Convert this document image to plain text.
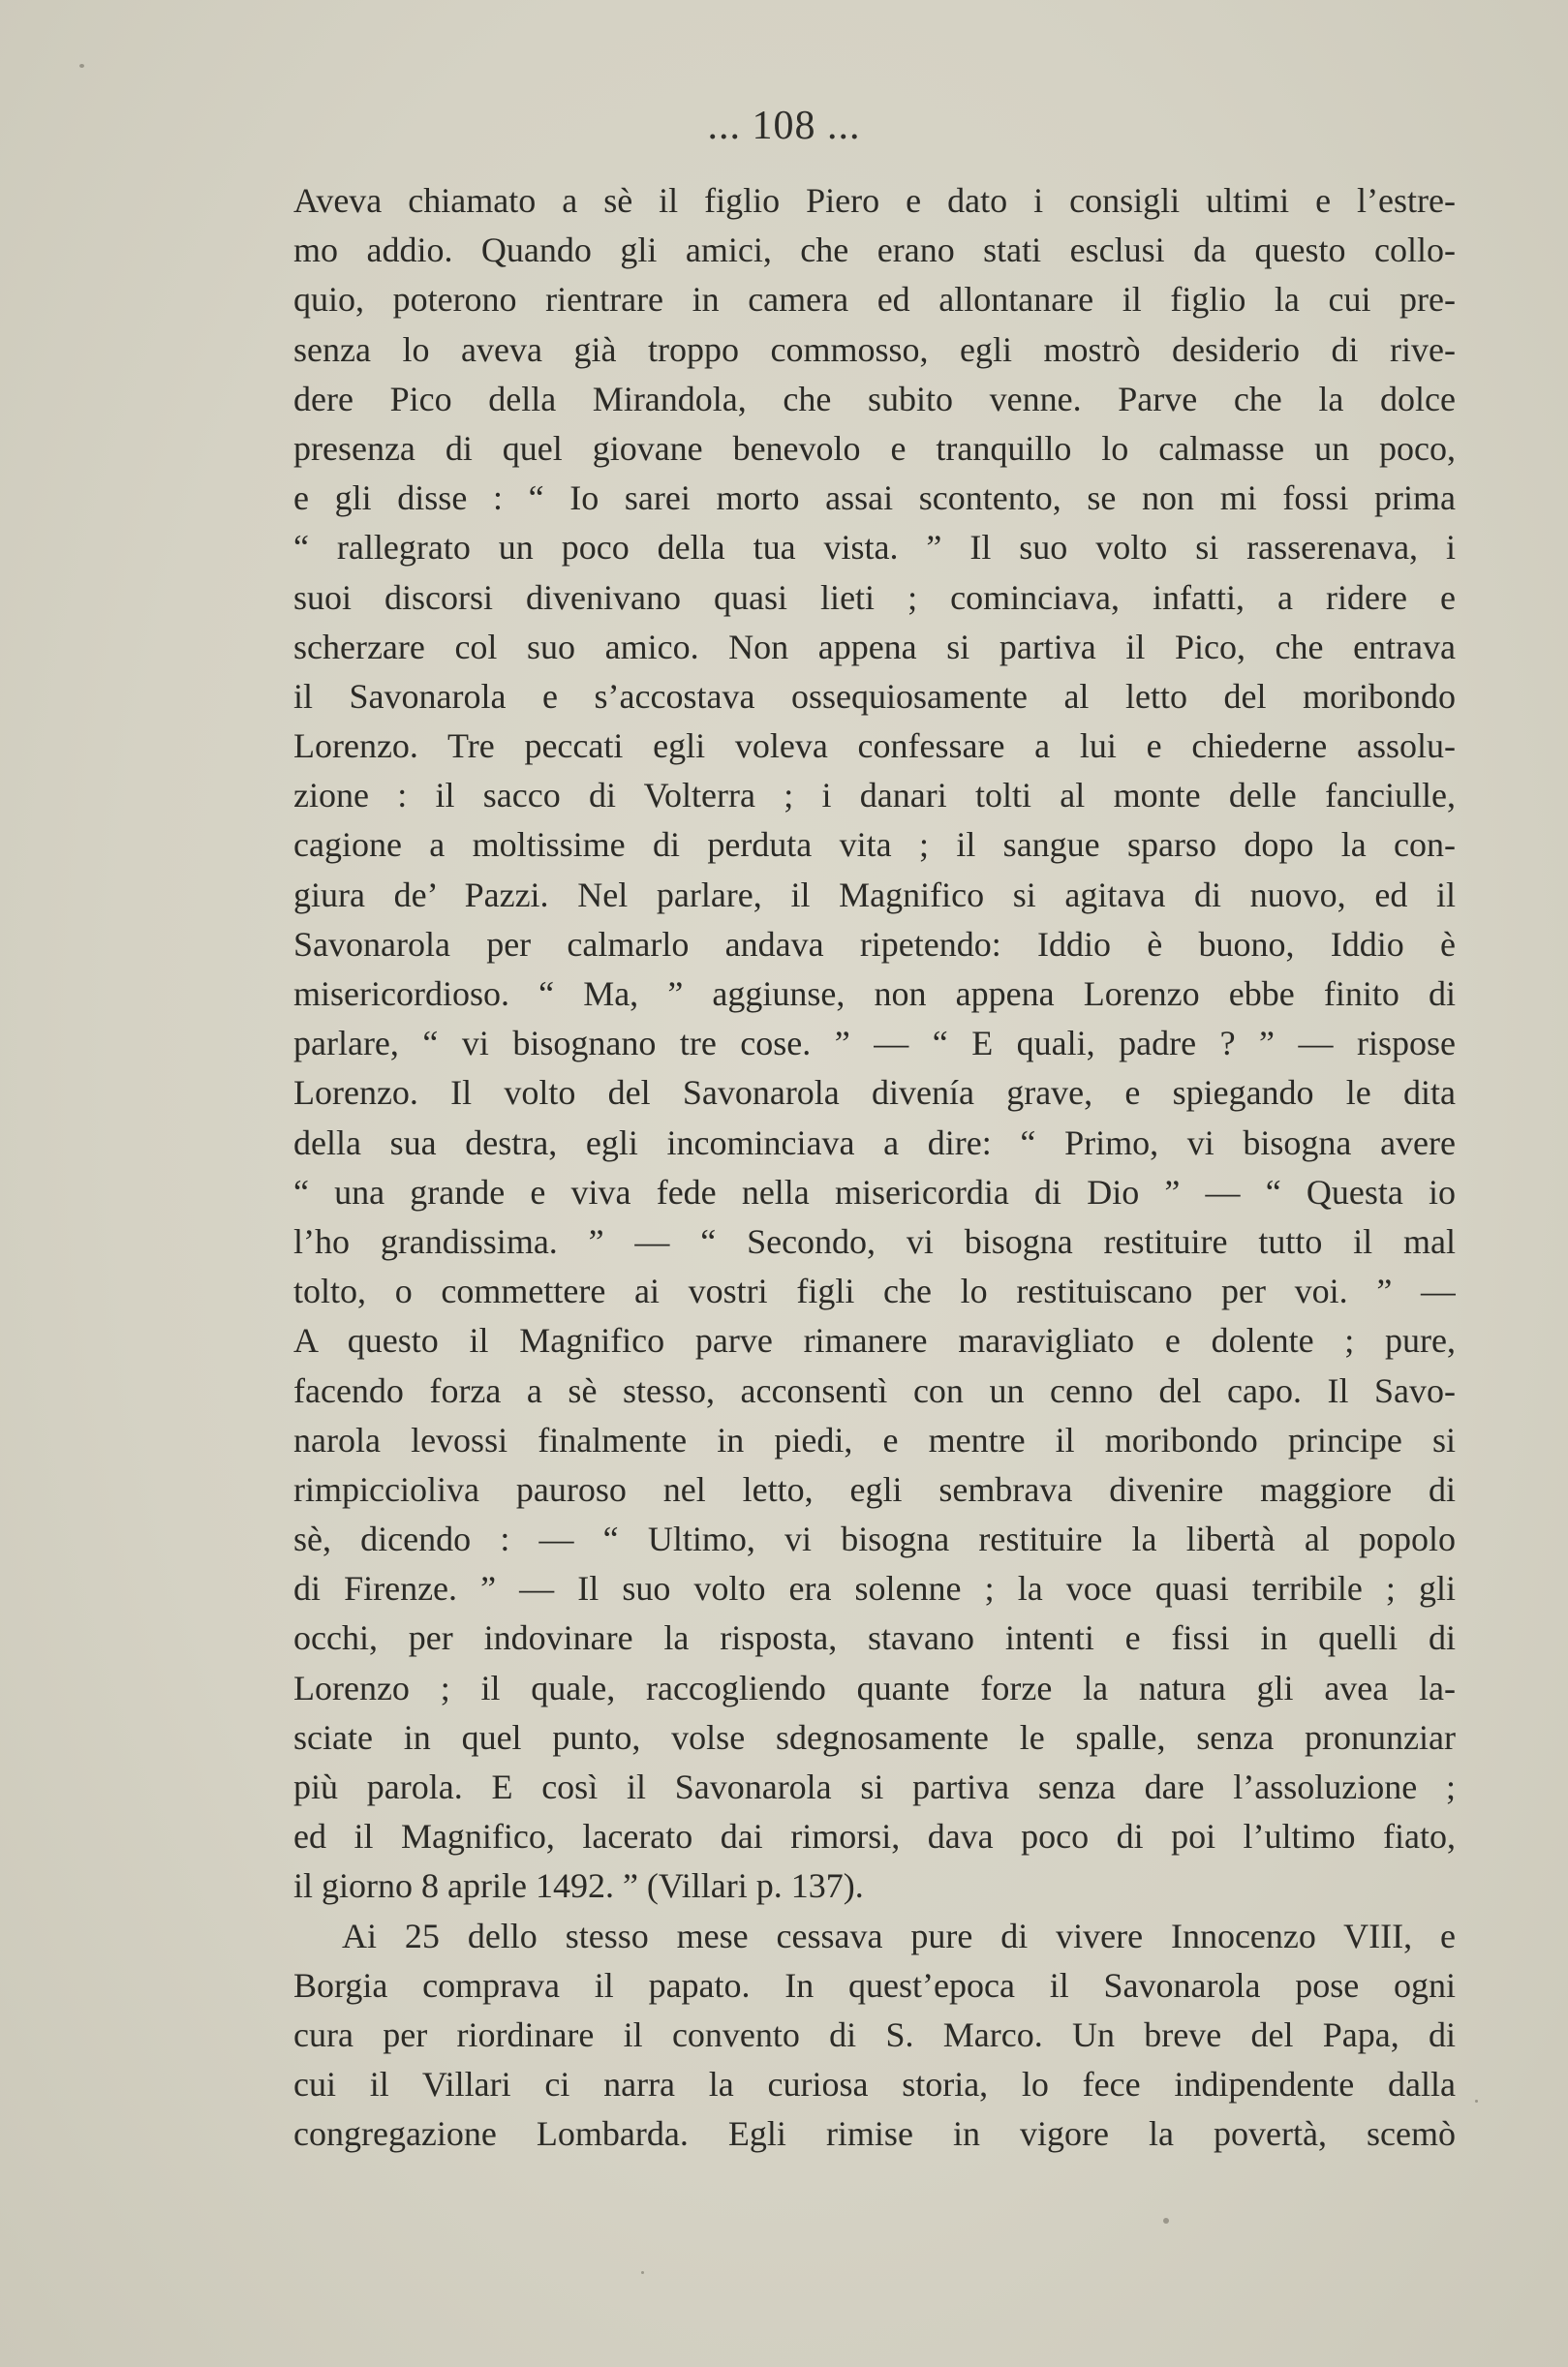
... 108 ...
Aveva chiamato a sè il figlio Piero e dato i consigli ultimi e l’estre-
mo addio. Quando gli amici, che erano stati esclusi da questo collo-
quio, poterono rientrare in camera ed allontanare il figlio la cui pre-
senza lo aveva già troppo commosso, egli mostrò desiderio di rive-
dere Pico della Mirandola, che subito venne. Parve che la dolce
presenza di quel giovane benevolo e tranquillo lo calmasse un poco,
e gli disse : “ Io sarei morto assai scontento, se non mi fossi prima
“ rallegrato un poco della tua vista. ” Il suo volto si rasserenava, i
suoi discorsi divenivano quasi lieti ; cominciava, infatti, a ridere e
scherzare col suo amico. Non appena si partiva il Pico, che entrava
il Savonarola e s’accostava ossequiosamente al letto del moribondo
Lorenzo. Tre peccati egli voleva confessare a lui e chiederne assolu-
zione : il sacco di Volterra ; i danari tolti al monte delle fanciulle,
cagione a moltissime di perduta vita ; il sangue sparso dopo la con-
giura de’ Pazzi. Nel parlare, il Magnifico si agitava di nuovo, ed il
Savonarola per calmarlo andava ripetendo: Iddio è buono, Iddio è
misericordioso. “ Ma, ” aggiunse, non appena Lorenzo ebbe finito di
parlare, “ vi bisognano tre cose. ” — “ E quali, padre ? ” — rispose
Lorenzo. Il volto del Savonarola divenía grave, e spiegando le dita
della sua destra, egli incominciava a dire: “ Primo, vi bisogna avere
“ una grande e viva fede nella misericordia di Dio ” — “ Questa io
l’ho grandissima. ” — “ Secondo, vi bisogna restituire tutto il mal
tolto, o commettere ai vostri figli che lo restituiscano per voi. ” —
A questo il Magnifico parve rimanere maravigliato e dolente ; pure,
facendo forza a sè stesso, acconsentì con un cenno del capo. Il Savo-
narola levossi finalmente in piedi, e mentre il moribondo principe si
rimpiccioliva pauroso nel letto, egli sembrava divenire maggiore di
sè, dicendo : — “ Ultimo, vi bisogna restituire la libertà al popolo
di Firenze. ” — Il suo volto era solenne ; la voce quasi terribile ; gli
occhi, per indovinare la risposta, stavano intenti e fissi in quelli di
Lorenzo ; il quale, raccogliendo quante forze la natura gli avea la-
sciate in quel punto, volse sdegnosamente le spalle, senza pronunziar
più parola. E così il Savonarola si partiva senza dare l’assoluzione ;
ed il Magnifico, lacerato dai rimorsi, dava poco di poi l’ultimo fiato,
il giorno 8 aprile 1492. ” (Villari p. 137).
Ai 25 dello stesso mese cessava pure di vivere Innocenzo VIII, e
Borgia comprava il papato. In quest’epoca il Savonarola pose ogni
cura per riordinare il convento di S. Marco. Un breve del Papa, di
cui il Villari ci narra la curiosa storia, lo fece indipendente dalla
congregazione Lombarda. Egli rimise in vigore la povertà, scemò
